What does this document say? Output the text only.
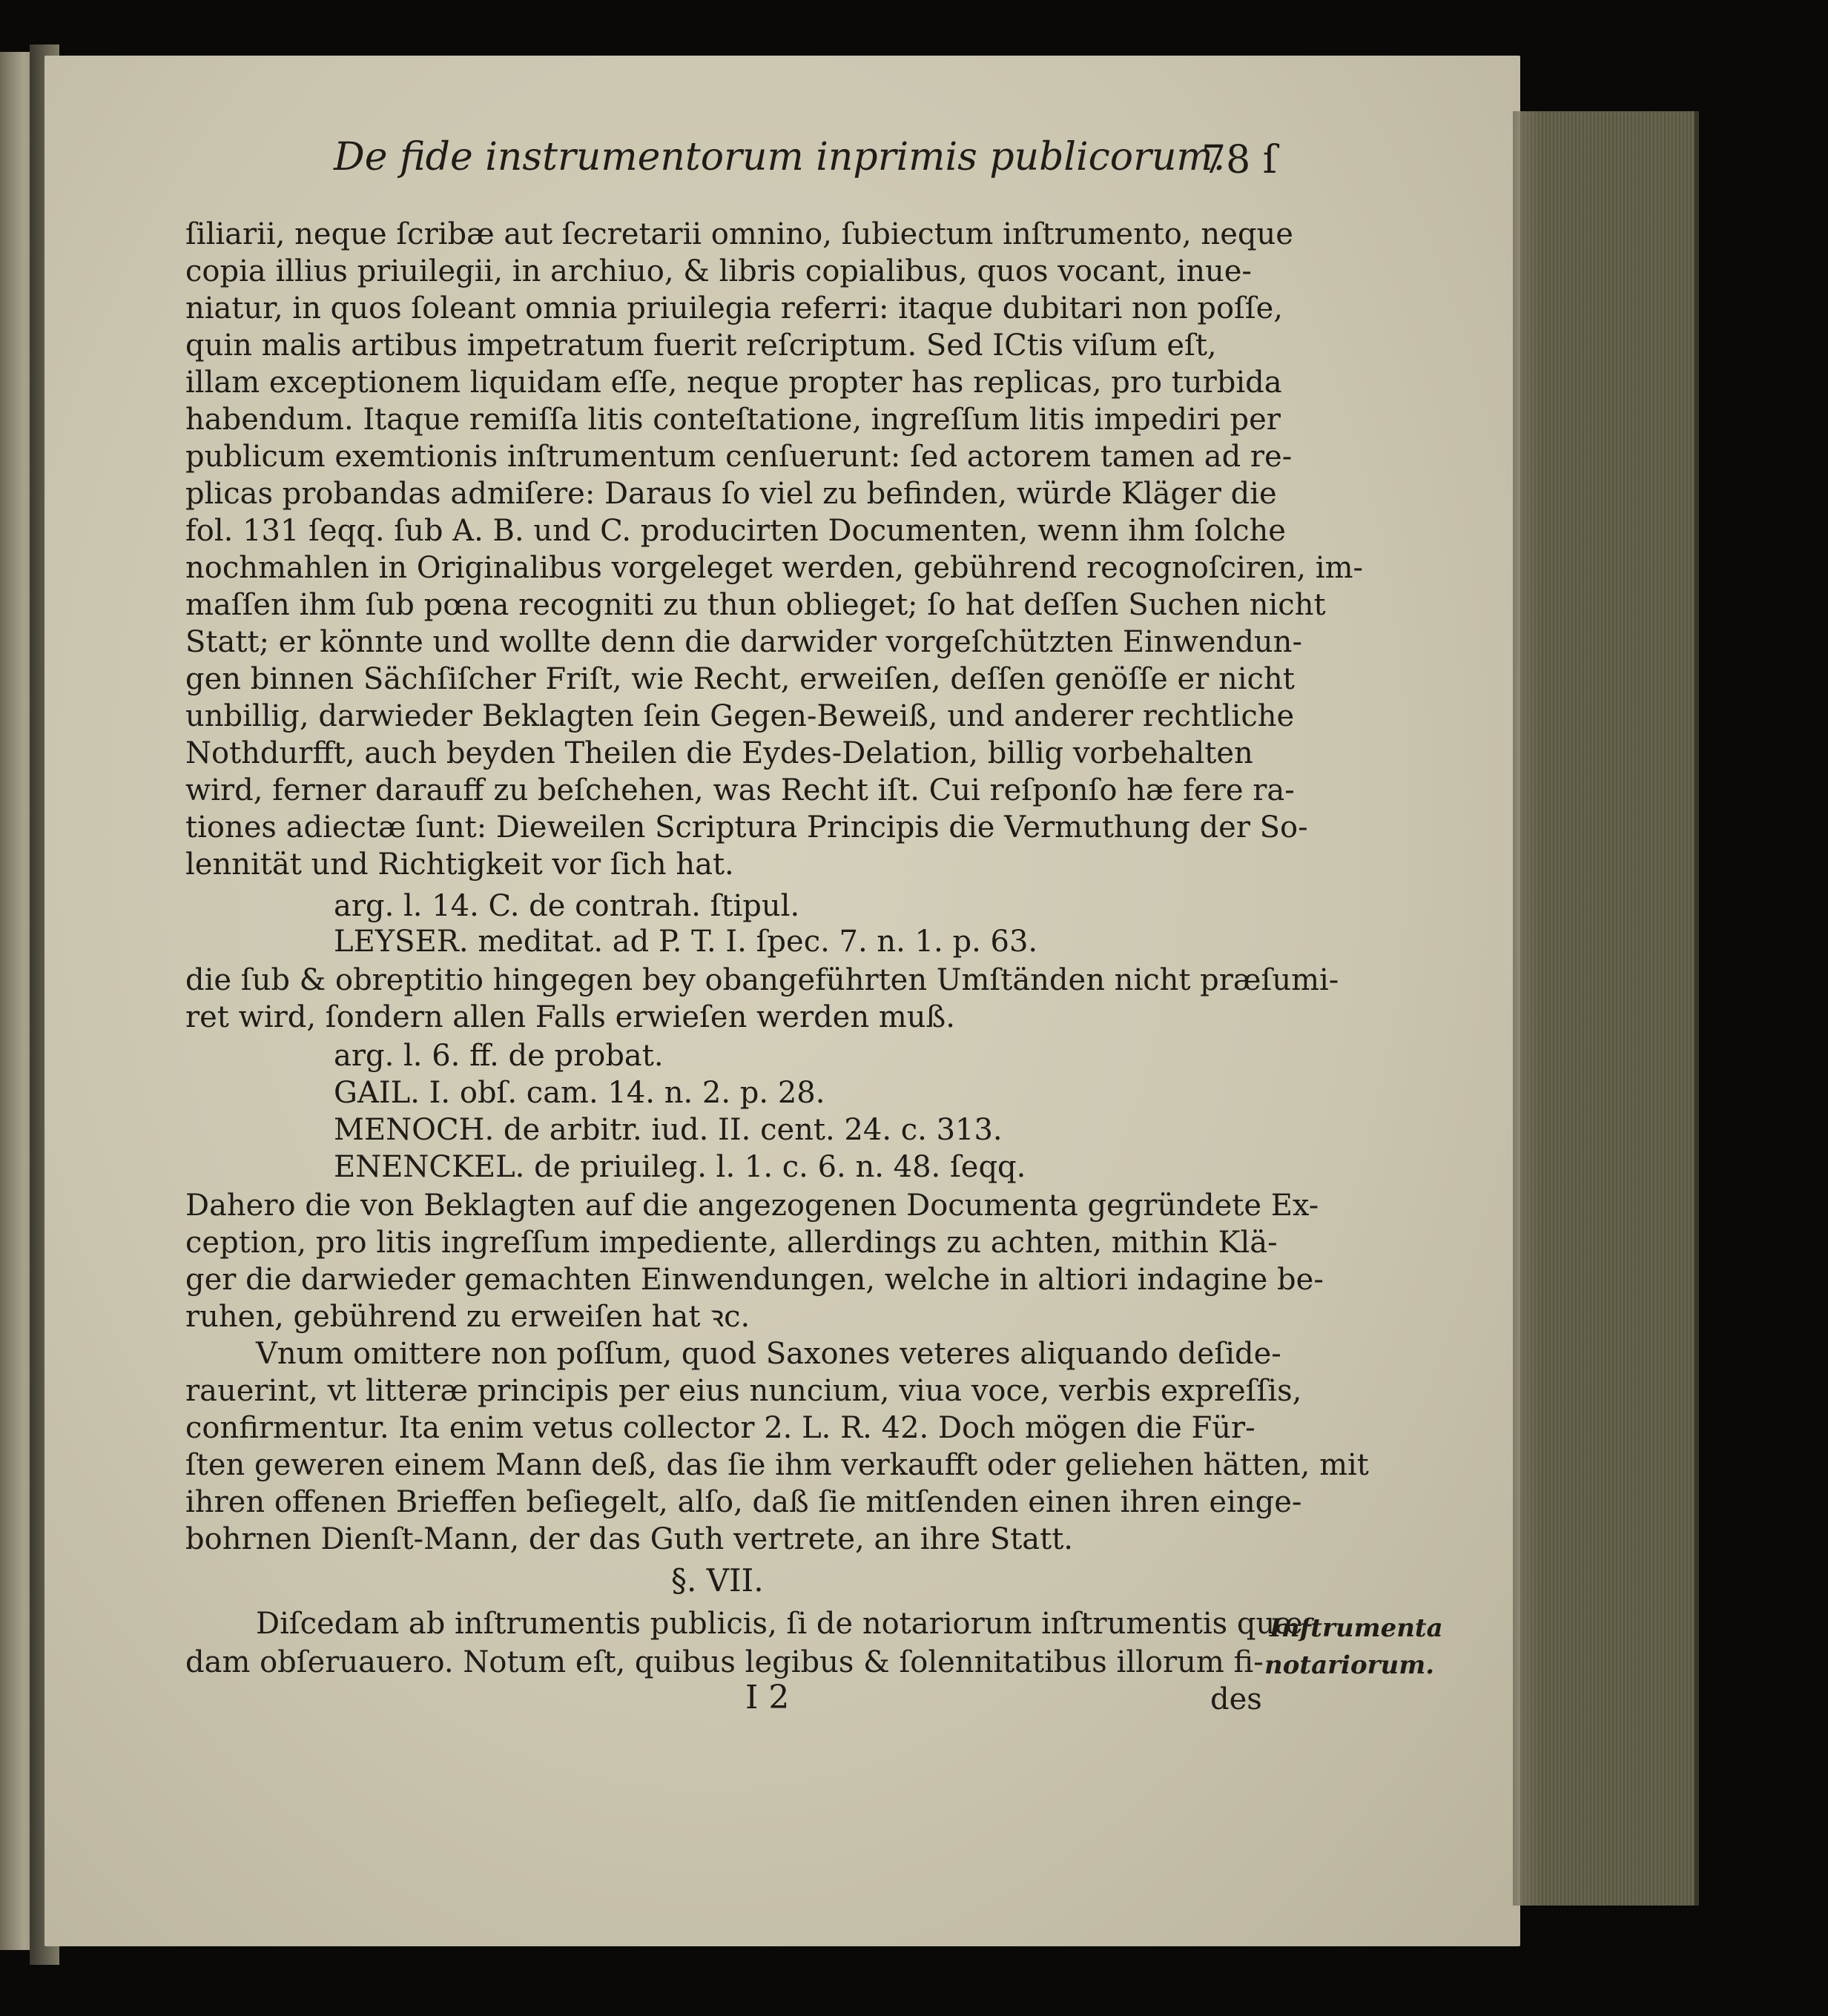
De fide instrumentorum inprimis publicorum.
78 ſ
ſiliarii, neque ſcribæ aut ſecretarii omnino, ſubiectum inſtrumento, neque
copia illius priuilegii, in archiuo, & libris copialibus, quos vocant, inue-
niatur, in quos ſoleant omnia priuilegia referri: itaque dubitari non poſſe,
quin malis artibus impetratum fuerit reſcriptum. Sed ICtis viſum eſt,
illam exceptionem liquidam eſſe, neque propter has replicas, pro turbida
habendum. Itaque remiſſa litis conteſtatione, ingreſſum litis impediri per
publicum exemtionis inſtrumentum cenſuerunt: ſed actorem tamen ad re-
plicas probandas admiſere: Daraus ſo viel zu befinden, würde Kläger die
fol. 131 ſeqq. ſub A. B. und C. producirten Documenten, wenn ihm ſolche
nochmahlen in Originalibus vorgeleget werden, gebührend recognoſciren, im-
maſſen ihm ſub pœna recogniti zu thun oblieget; ſo hat deſſen Suchen nicht
Statt; er könnte und wollte denn die darwider vorgeſchützten Einwendun-
gen binnen Sächſiſcher Friſt, wie Recht, erweiſen, deſſen genöſſe er nicht
unbillig, darwieder Beklagten ſein Gegen-Beweiß, und anderer rechtliche
Nothdurfft, auch beyden Theilen die Eydes-Delation, billig vorbehalten
wird, ferner darauff zu beſchehen, was Recht iſt. Cui reſponſo hæ fere ra-
tiones adiectæ ſunt: Dieweilen Scriptura Principis die Vermuthung der So-
lennität und Richtigkeit vor ſich hat.
arg. l. 14. C. de contrah. ſtipul.
LEYSER. meditat. ad P. T. I. ſpec. 7. n. 1. p. 63.
die ſub & obreptitio hingegen bey obangeführten Umſtänden nicht præſumi-
ret wird, ſondern allen Falls erwieſen werden muß.
arg. l. 6. ff. de probat.
GAIL. I. obſ. cam. 14. n. 2. p. 28.
MENOCH. de arbitr. iud. II. cent. 24. c. 313.
ENENCKEL. de priuileg. l. 1. c. 6. n. 48. ſeqq.
Dahero die von Beklagten auf die angezogenen Documenta gegründete Ex-
ception, pro litis ingreſſum impediente, allerdings zu achten, mithin Klä-
ger die darwieder gemachten Einwendungen, welche in altiori indagine be-
ruhen, gebührend zu erweiſen hat ꝛc.
Vnum omittere non poſſum, quod Saxones veteres aliquando deſide-
rauerint, vt litteræ principis per eius nuncium, viua voce, verbis expreſſis,
confirmentur. Ita enim vetus collector 2. L. R. 42. Doch mögen die Für-
ſten geweren einem Mann deß, das ſie ihm verkaufft oder geliehen hätten, mit
ihren offenen Brieffen beſiegelt, alſo, daß ſie mitſenden einen ihren einge-
bohrnen Dienſt-Mann, der das Guth vertrete, an ihre Statt.
§. VII.
Diſcedam ab inſtrumentis publicis, ſi de notariorum inſtrumentis quæ-
dam obſeruauero. Notum eſt, quibus legibus & ſolennitatibus illorum fi-
Inſtrumenta
notariorum.
I 2	des
